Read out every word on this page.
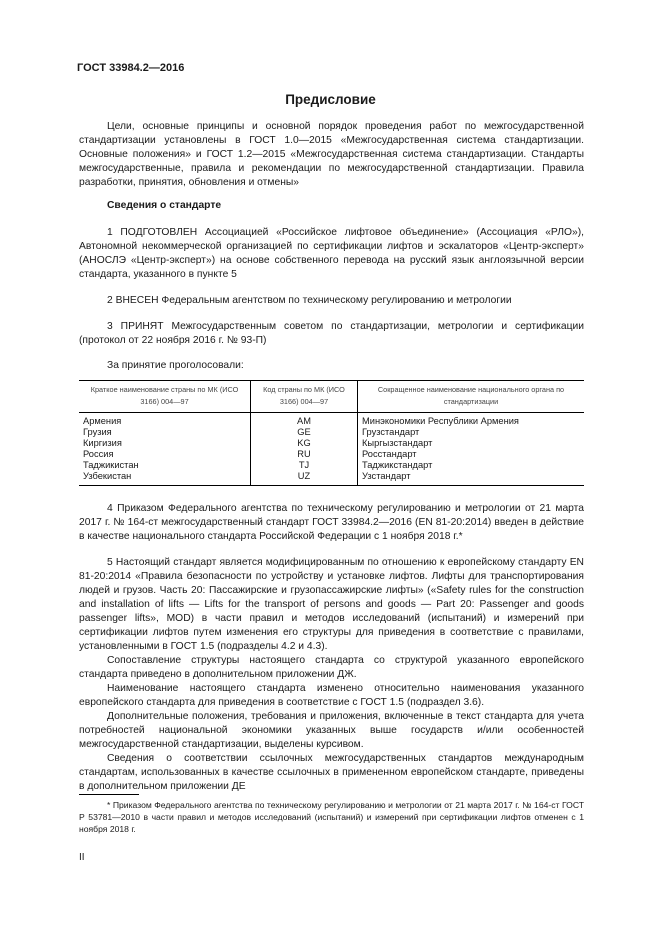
ГОСТ 33984.2—2016
Предисловие

Цели, основные принципы и основной порядок проведения работ по межгосударственной стандартизации установлены в ГОСТ 1.0—2015 «Межгосударственная система стандартизации. Основные положения» и ГОСТ 1.2—2015 «Межгосударственная система стандартизации. Стандарты межгосударственные, правила и рекомендации по межгосударственной стандартизации. Правила разработки, принятия, обновления и отмены»

Сведения о стандарте

1 ПОДГОТОВЛЕН Ассоциацией «Российское лифтовое объединение» (Ассоциация «РЛО»), Автономной некоммерческой организацией по сертификации лифтов и эскалаторов «Центр-эксперт» (АНОСЛЭ «Центр-эксперт») на основе собственного перевода на русский язык англоязычной версии стандарта, указанного в пункте 5

2 ВНЕСЕН Федеральным агентством по техническому регулированию и метрологии

3 ПРИНЯТ Межгосударственным советом по стандартизации, метрологии и сертификации (протокол от 22 ноября 2016 г. № 93-П)

За принятие проголосовали:
Краткое наименование страны по МК (ИСО 3166) 004—97	Код страны по МК (ИСО 3166) 004—97	Сокращенное наименование национального органа по стандартизации
Армения	AM	Минэкономики Республики Армения
Грузия	GE	Грузстандарт
Киргизия	KG	Кыргызстандарт
Россия	RU	Росстандарт
Таджикистан	TJ	Таджикстандарт
Узбекистан	UZ	Узстандарт

4 Приказом Федерального агентства по техническому регулированию и метрологии от 21 марта 2017 г. № 164-ст межгосударственный стандарт ГОСТ 33984.2—2016 (EN 81-20:2014) введен в действие в качестве национального стандарта Российской Федерации с 1 ноября 2018 г.*

5 Настоящий стандарт является модифицированным по отношению к европейскому стандарту EN 81-20:2014 «Правила безопасности по устройству и установке лифтов. Лифты для транспортирования людей и грузов. Часть 20: Пассажирские и грузопассажирские лифты» («Safety rules for the construction and installation of lifts — Lifts for the transport of persons and goods — Part 20: Passenger and goods passenger lifts», MOD) в части правил и методов исследований (испытаний) и измерений при сертификации лифтов путем изменения его структуры для приведения в соответствие с правилами, установленными в ГОСТ 1.5 (подразделы 4.2 и 4.3).

Сопоставление структуры настоящего стандарта со структурой указанного европейского стандарта приведено в дополнительном приложении ДЖ.

Наименование настоящего стандарта изменено относительно наименования указанного европейского стандарта для приведения в соответствие с ГОСТ 1.5 (подраздел 3.6).

Дополнительные положения, требования и приложения, включенные в текст стандарта для учета потребностей национальной экономики указанных выше государств и/или особенностей межгосударственной стандартизации, выделены курсивом.

Сведения о соответствии ссылочных межгосударственных стандартов международным стандартам, использованных в качестве ссылочных в примененном европейском стандарте, приведены в дополнительном приложении ДЕ

* Приказом Федерального агентства по техническому регулированию и метрологии от 21 марта 2017 г. № 164-ст ГОСТ Р 53781—2010 в части правил и методов исследований (испытаний) и измерений при сертификации лифтов отменен с 1 ноября 2018 г.

II
